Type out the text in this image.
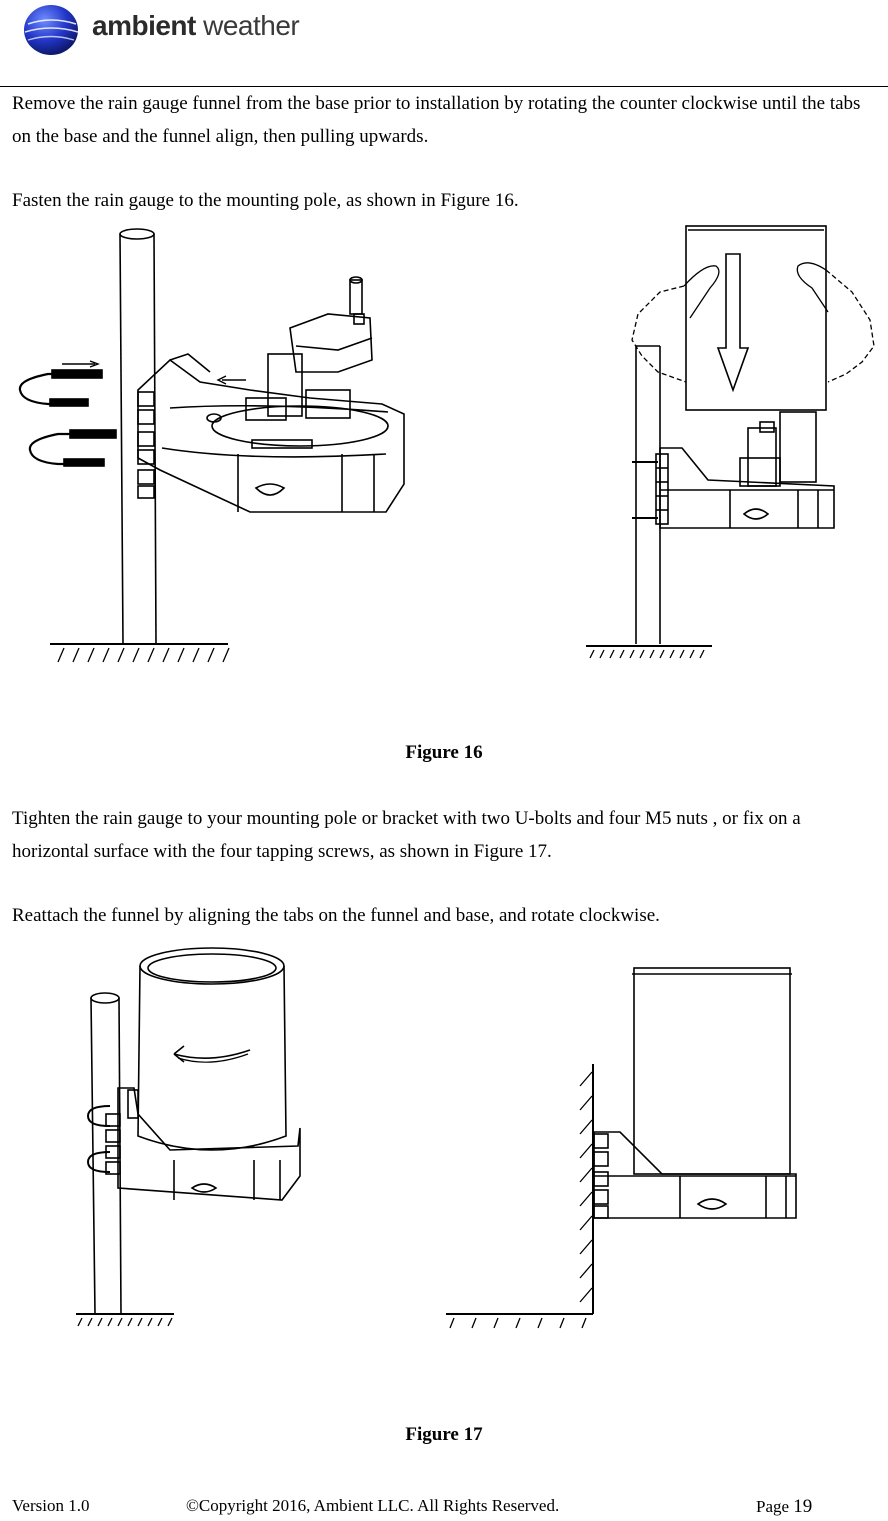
ambient weather

Remove the rain gauge funnel from the base prior to installation by rotating the counter clockwise until the tabs on the base and the funnel align, then pulling upwards.

Fasten the rain gauge to the mounting pole, as shown in Figure 16.

Figure 16

Tighten the rain gauge to your mounting pole or bracket with two U-bolts and four M5 nuts , or fix on a horizontal surface with the four tapping screws, as shown in Figure 17.

Reattach the funnel by aligning the tabs on the funnel and base, and rotate clockwise.

Figure 17

Version 1.0	©Copyright 2016, Ambient LLC. All Rights Reserved.	Page 19
